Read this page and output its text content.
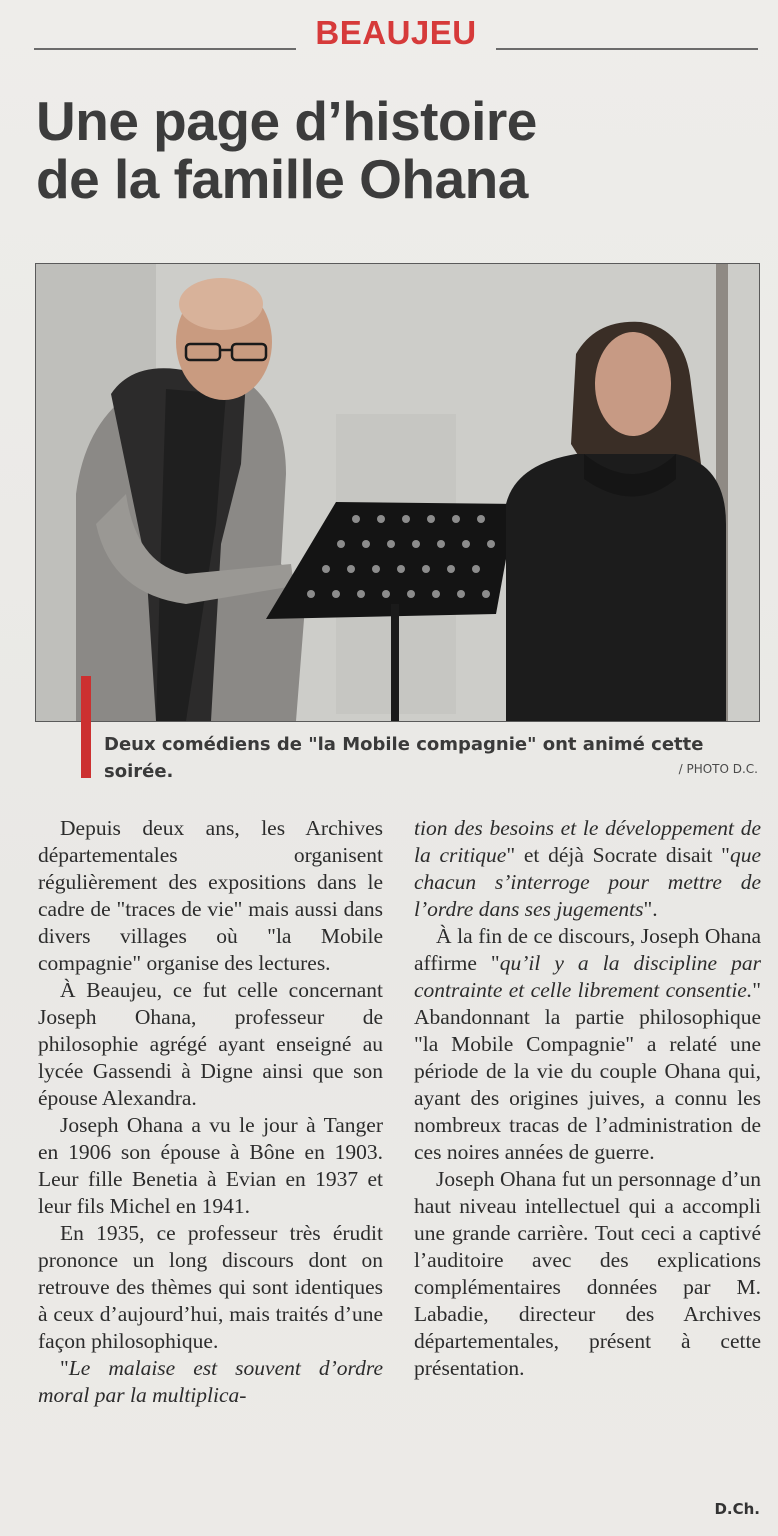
BEAUJEU
Une page d’histoire
de la famille Ohana
Deux comédiens de "la Mobile compagnie" ont animé cette soirée.	/ PHOTO D.C.

Depuis deux ans, les Archives départementales organisent régulièrement des expositions dans le cadre de "traces de vie" mais aussi dans divers villages où "la Mobile compagnie" organise des lectures.

À Beaujeu, ce fut celle concernant Joseph Ohana, professeur de philosophie agrégé ayant enseigné au lycée Gassendi à Digne ainsi que son épouse Alexandra.

Joseph Ohana a vu le jour à Tanger en 1906 son épouse à Bône en 1903. Leur fille Benetia à Evian en 1937 et leur fils Michel en 1941.

En 1935, ce professeur très érudit prononce un long discours dont on retrouve des thèmes qui sont identiques à ceux d’aujourd’hui, mais traités d’une façon philosophique.

"Le malaise est souvent d’ordre moral par la multiplica-

tion des besoins et le développement de la critique" et déjà Socrate disait "que chacun s’interroge pour mettre de l’ordre dans ses jugements".

À la fin de ce discours, Joseph Ohana affirme "qu’il y a la discipline par contrainte et celle librement consentie." Abandonnant la partie philosophique "la Mobile Compagnie" a relaté une période de la vie du couple Ohana qui, ayant des origines juives, a connu les nombreux tracas de l’administration de ces noires années de guerre.

Joseph Ohana fut un personnage d’un haut niveau intellectuel qui a accompli une grande carrière. Tout ceci a captivé l’auditoire avec des explications complémentaires données par M. Labadie, directeur des Archives départementales, présent à cette présentation.

D.Ch.
